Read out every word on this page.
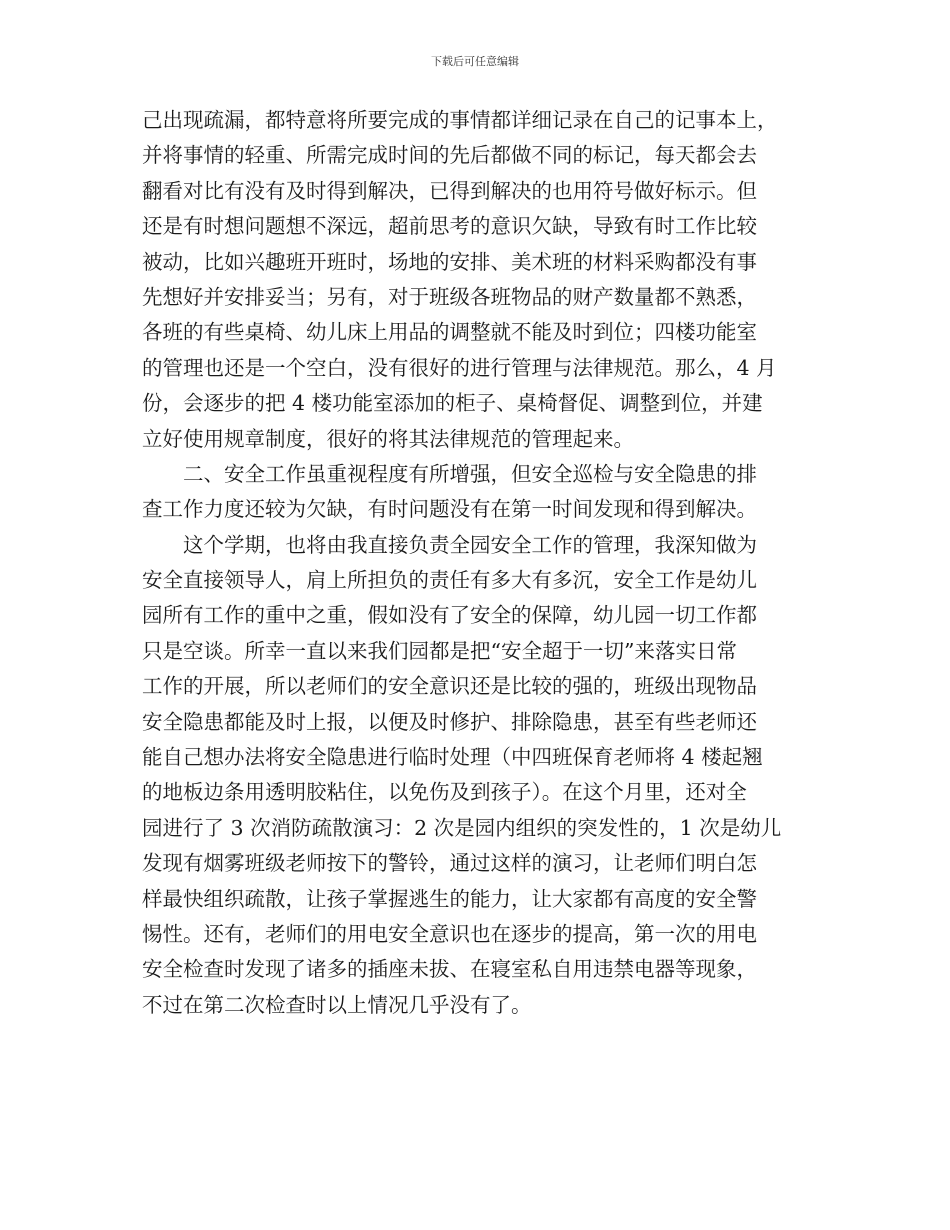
下载后可任意编辑
己出现疏漏，都特意将所要完成的事情都详细记录在自己的记事本上，
并将事情的轻重、所需完成时间的先后都做不同的标记，每天都会去
翻看对比有没有及时得到解决，已得到解决的也用符号做好标示。但
还是有时想问题想不深远，超前思考的意识欠缺，导致有时工作比较
被动，比如兴趣班开班时，场地的安排、美术班的材料采购都没有事
先想好并安排妥当；另有，对于班级各班物品的财产数量都不熟悉，
各班的有些桌椅、幼儿床上用品的调整就不能及时到位；四楼功能室
的管理也还是一个空白，没有很好的进行管理与法律规范。那么，4 月
份，会逐步的把 4 楼功能室添加的柜子、桌椅督促、调整到位，并建
立好使用规章制度，很好的将其法律规范的管理起来。
二、安全工作虽重视程度有所增强，但安全巡检与安全隐患的排
查工作力度还较为欠缺，有时问题没有在第一时间发现和得到解决。
这个学期，也将由我直接负责全园安全工作的管理，我深知做为
安全直接领导人，肩上所担负的责任有多大有多沉，安全工作是幼儿
园所有工作的重中之重，假如没有了安全的保障，幼儿园一切工作都
只是空谈。所幸一直以来我们园都是把“安全超于一切”来落实日常
工作的开展，所以老师们的安全意识还是比较的强的，班级出现物品
安全隐患都能及时上报，以便及时修护、排除隐患，甚至有些老师还
能自己想办法将安全隐患进行临时处理（中四班保育老师将 4 楼起翘
的地板边条用透明胶粘住，以免伤及到孩子）。在这个月里，还对全
园进行了 3 次消防疏散演习：2 次是园内组织的突发性的，1 次是幼儿
发现有烟雾班级老师按下的警铃，通过这样的演习，让老师们明白怎
样最快组织疏散，让孩子掌握逃生的能力，让大家都有高度的安全警
惕性。还有，老师们的用电安全意识也在逐步的提高，第一次的用电
安全检查时发现了诸多的插座未拔、在寝室私自用违禁电器等现象，
不过在第二次检查时以上情况几乎没有了。
